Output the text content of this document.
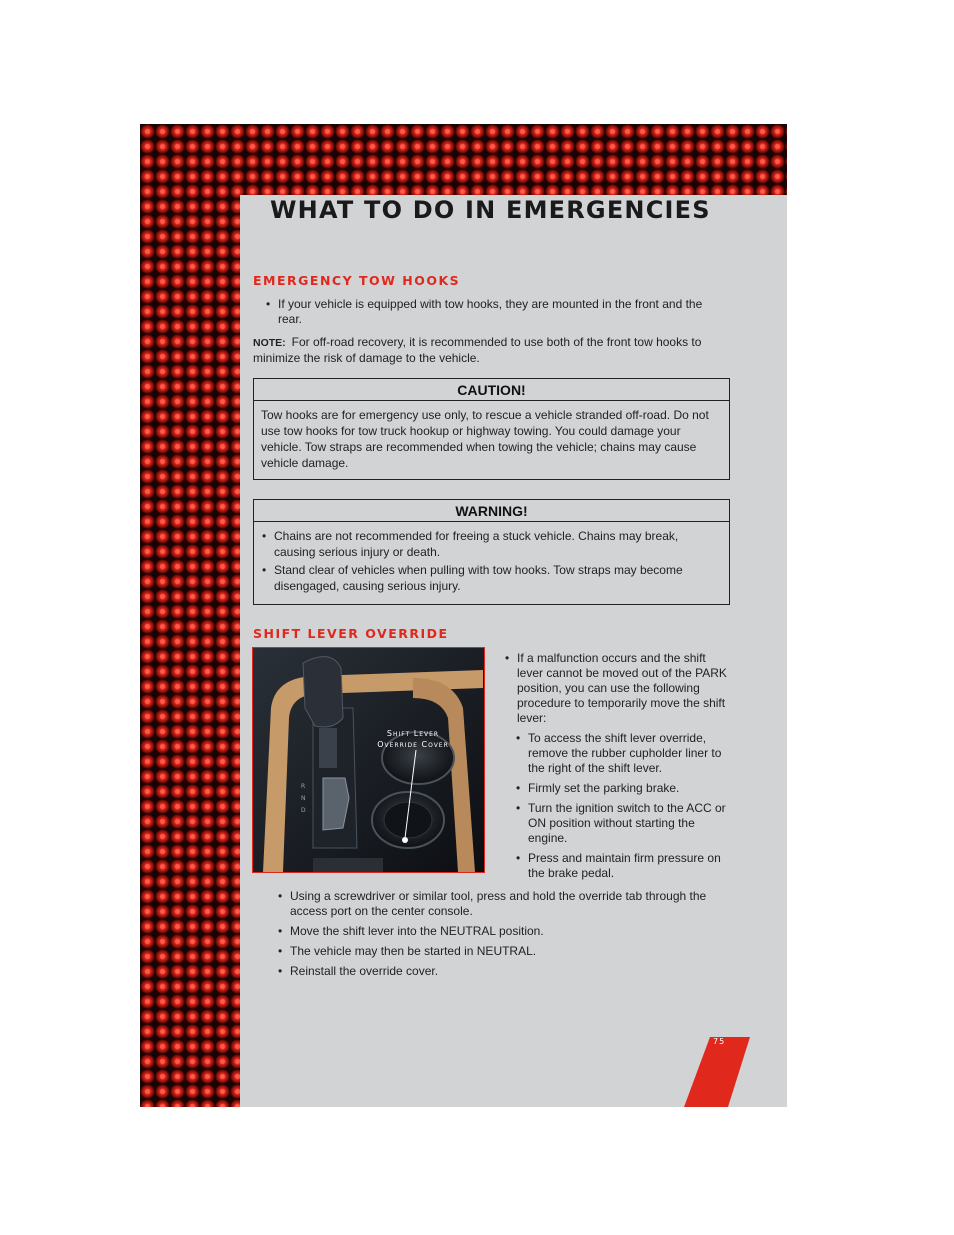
WHAT TO DO IN EMERGENCIES
EMERGENCY TOW HOOKS
• If your vehicle is equipped with tow hooks, they are mounted in the front and the rear.
NOTE: For off-road recovery, it is recommended to use both of the front tow hooks to minimize the risk of damage to the vehicle.
CAUTION!
Tow hooks are for emergency use only, to rescue a vehicle stranded off-road. Do not use tow hooks for tow truck hookup or highway towing. You could damage your vehicle. Tow straps are recommended when towing the vehicle; chains may cause vehicle damage.
WARNING!
• Chains are not recommended for freeing a stuck vehicle. Chains may break, causing serious injury or death.
• Stand clear of vehicles when pulling with tow hooks. Tow straps may become disengaged, causing serious injury.
SHIFT LEVER OVERRIDE
R
N
D
Shift Lever
Override Cover
• If a malfunction occurs and the shift lever cannot be moved out of the PARK position, you can use the following procedure to temporarily move the shift lever:
• To access the shift lever override, remove the rubber cupholder liner to the right of the shift lever.
• Firmly set the parking brake.
• Turn the ignition switch to the ACC or ON position without starting the engine.
• Press and maintain firm pressure on the brake pedal.
• Using a screwdriver or similar tool, press and hold the override tab through the access port on the center console.
• Move the shift lever into the NEUTRAL position.
• The vehicle may then be started in NEUTRAL.
• Reinstall the override cover.
75
